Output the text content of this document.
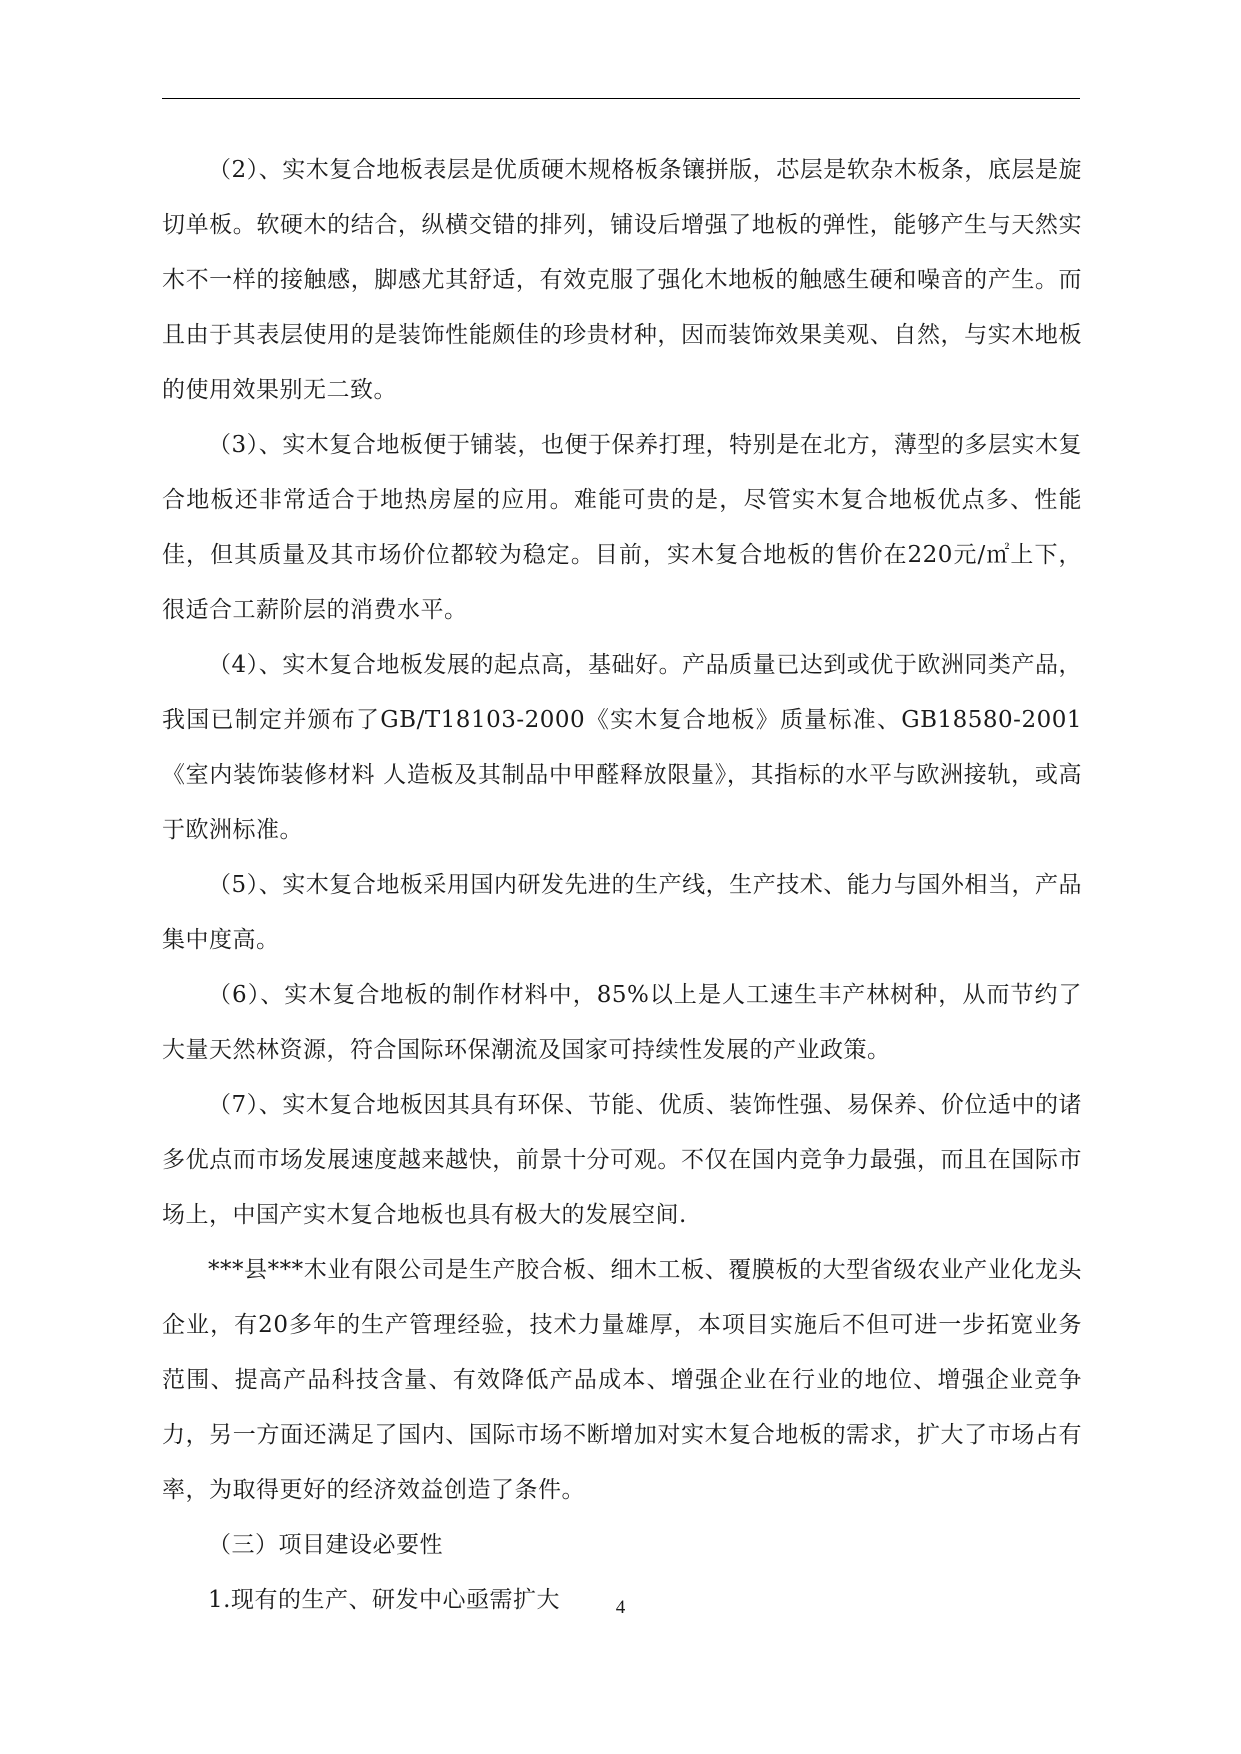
（2）、实木复合地板表层是优质硬木规格板条镶拼版，芯层是软杂木板条，底层是旋切单板。软硬木的结合，纵横交错的排列，铺设后增强了地板的弹性，能够产生与天然实木不一样的接触感，脚感尤其舒适，有效克服了强化木地板的触感生硬和噪音的产生。而且由于其表层使用的是装饰性能颇佳的珍贵材种，因而装饰效果美观、自然，与实木地板的使用效果别无二致。

（3）、实木复合地板便于铺装，也便于保养打理，特别是在北方，薄型的多层实木复合地板还非常适合于地热房屋的应用。难能可贵的是，尽管实木复合地板优点多、性能佳，但其质量及其市场价位都较为稳定。目前，实木复合地板的售价在220元/㎡上下，很适合工薪阶层的消费水平。

（4）、实木复合地板发展的起点高，基础好。产品质量已达到或优于欧洲同类产品，我国已制定并颁布了GB/T18103-2000《实木复合地板》质量标准、GB18580-2001《室内装饰装修材料 人造板及其制品中甲醛释放限量》，其指标的水平与欧洲接轨，或高于欧洲标准。

（5）、实木复合地板采用国内研发先进的生产线，生产技术、能力与国外相当，产品集中度高。

（6）、实木复合地板的制作材料中，85%以上是人工速生丰产林树种，从而节约了大量天然林资源，符合国际环保潮流及国家可持续性发展的产业政策。

（7）、实木复合地板因其具有环保、节能、优质、装饰性强、易保养、价位适中的诸多优点而市场发展速度越来越快，前景十分可观。不仅在国内竞争力最强，而且在国际市场上，中国产实木复合地板也具有极大的发展空间.

***县***木业有限公司是生产胶合板、细木工板、覆膜板的大型省级农业产业化龙头企业，有20多年的生产管理经验，技术力量雄厚，本项目实施后不但可进一步拓宽业务范围、提高产品科技含量、有效降低产品成本、增强企业在行业的地位、增强企业竞争力，另一方面还满足了国内、国际市场不断增加对实木复合地板的需求，扩大了市场占有率，为取得更好的经济效益创造了条件。

（三）项目建设必要性

1.现有的生产、研发中心亟需扩大	4
